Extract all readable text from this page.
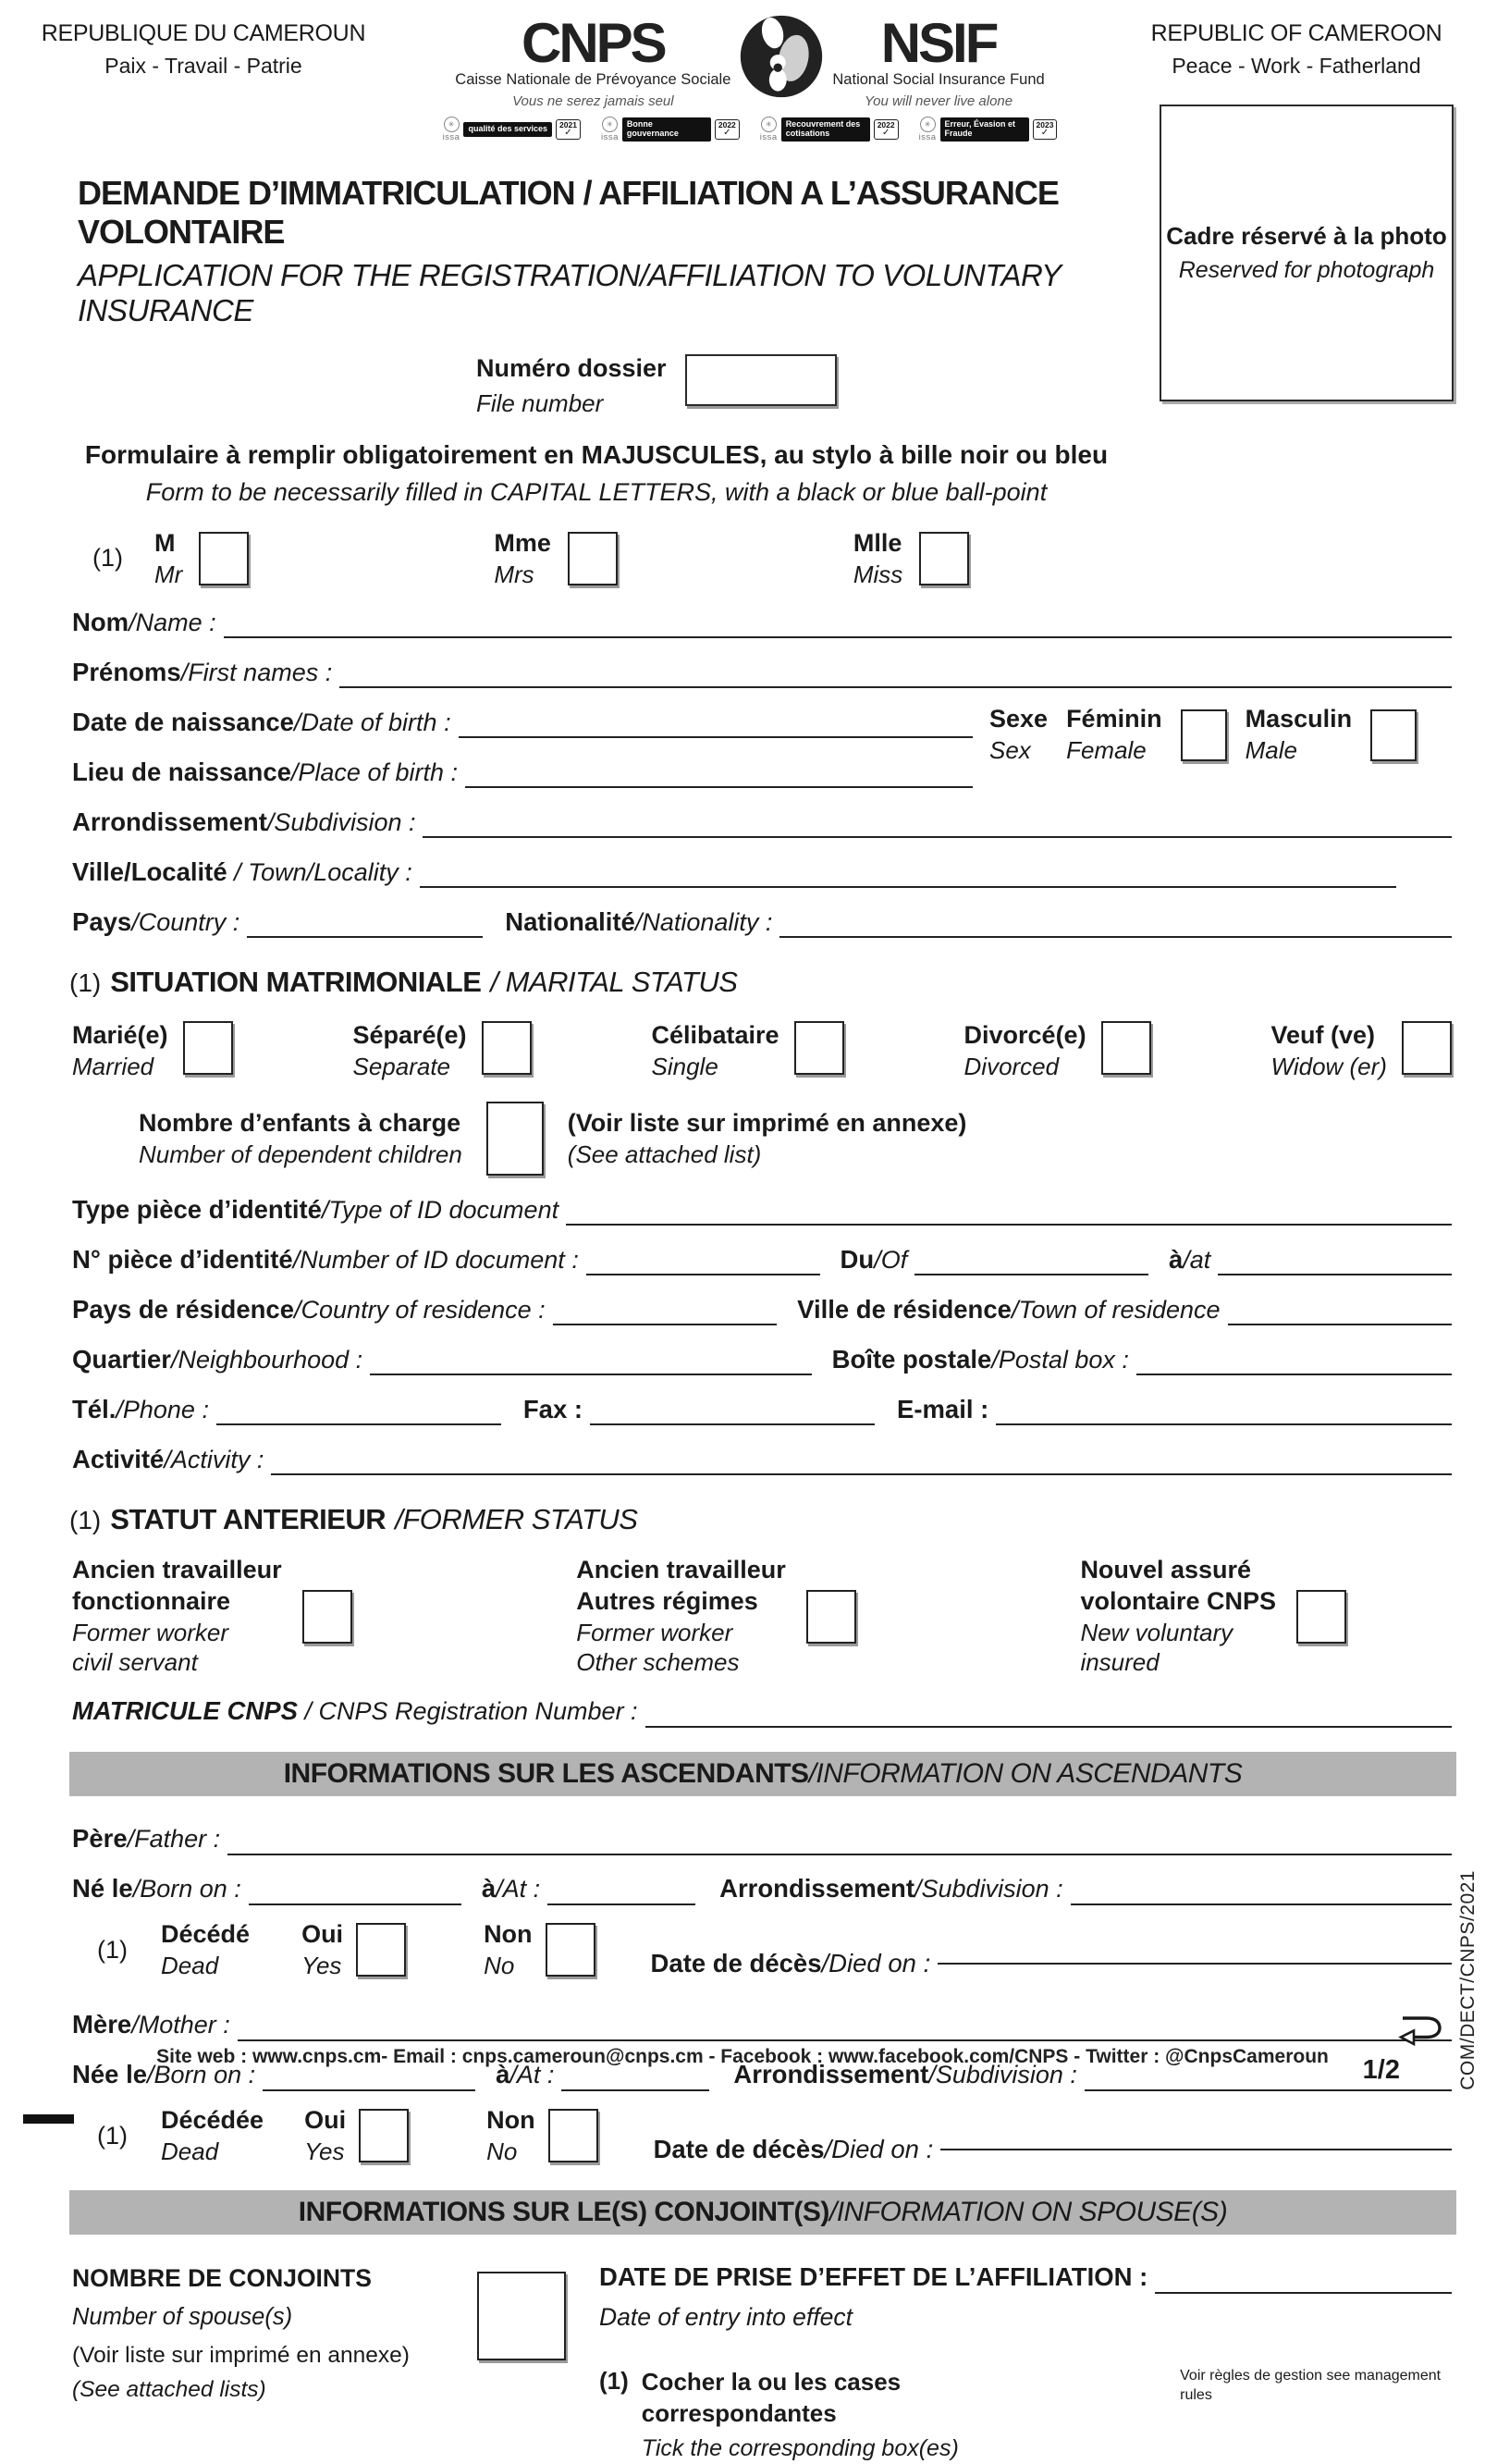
REPUBLIQUE DU CAMEROUN
Paix - Travail - Patrie	CNPS
Caisse Nationale de Prévoyance Sociale
Vous ne serez jamais seul
NSIF
National Social Insurance Fund
You will never live alone
✳
issa
qualité des services	2021
✓
✳
issa
Bonne gouvernance
2022
✓
✳
issa
Recouvrement des cotisations
2022
✓
✳
issa
Erreur, Évasion et Fraude
2023
✓
REPUBLIC OF CAMEROON
Peace - Work - Fatherland
Cadre réservé à la photo
Reserved for photograph
DEMANDE D’IMMATRICULATION / AFFILIATION A L’ASSURANCE VOLONTAIRE
APPLICATION FOR THE REGISTRATION/AFFILIATION TO VOLUNTARY INSURANCE
Numéro dossier
File number
Formulaire à remplir obligatoirement en MAJUSCULES, au stylo à bille noir ou bleu
Form to be necessarily filled in CAPITAL LETTERS, with a black or blue ball-point
(1)
M
Mr
Mme
Mrs
Mlle
Miss
Nom/Name :
Prénoms/First names :
Date de naissance/Date of birth :
Lieu de naissance/Place of birth :
Sexe
Sex
Féminin
Female
Masculin
Male
Arrondissement/Subdivision :
Ville/Localité / Town/Locality :
Pays/Country :	Nationalité/Nationality :
(1) SITUATION MATRIMONIALE / MARITAL STATUS
Marié(e)
Married
Séparé(e)
Separate
Célibataire
Single
Divorcé(e)
Divorced
Veuf (ve)
Widow (er)
Nombre d’enfants à charge
Number of dependent children
(Voir liste sur imprimé en annexe)
(See attached list)
Type pièce d’identité/Type of ID document
N° pièce d’identité/Number of ID document :	Du/Of	à/at
Pays de résidence/Country of residence :	Ville de résidence/Town of residence
Quartier/Neighbourhood :	Boîte postale/Postal box :
Tél./Phone :	Fax :	E-mail :
Activité/Activity :
(1) STATUT ANTERIEUR /FORMER STATUS
Ancien travailleur
fonctionnaire
Former worker
civil servant
Ancien travailleur
Autres régimes
Former worker
Other schemes
Nouvel assuré
volontaire CNPS
New voluntary
insured
MATRICULE CNPS / CNPS Registration Number :
INFORMATIONS SUR LES ASCENDANTS /INFORMATION ON ASCENDANTS
Père/Father :
Né le/Born on :	à/At :	Arrondissement/Subdivision :
(1)
Décédé
Dead
Oui
Yes
Non
No	Date de décès/Died on :
Mère/Mother :
Née le/Born on :	à/At :	Arrondissement/Subdivision :
(1)
Décédée
Dead
Oui
Yes
Non
No	Date de décès/Died on :
INFORMATIONS SUR LE(S) CONJOINT(S) /INFORMATION ON SPOUSE(S)
NOMBRE DE CONJOINTS
Number of spouse(s)
(Voir liste sur imprimé en annexe)
(See attached lists)
DATE DE PRISE D’EFFET DE L’AFFILIATION :
Date of entry into effect
(1) Cocher la ou les cases correspondantes
Tick the corresponding box(es)
Voir règles de gestion see management rules
Site web : www.cnps.cm- Email : cnps.cameroun@cnps.cm - Facebook : www.facebook.com/CNPS - Twitter : @CnpsCameroun	1/2	COM/DECT/CNPS/2021
